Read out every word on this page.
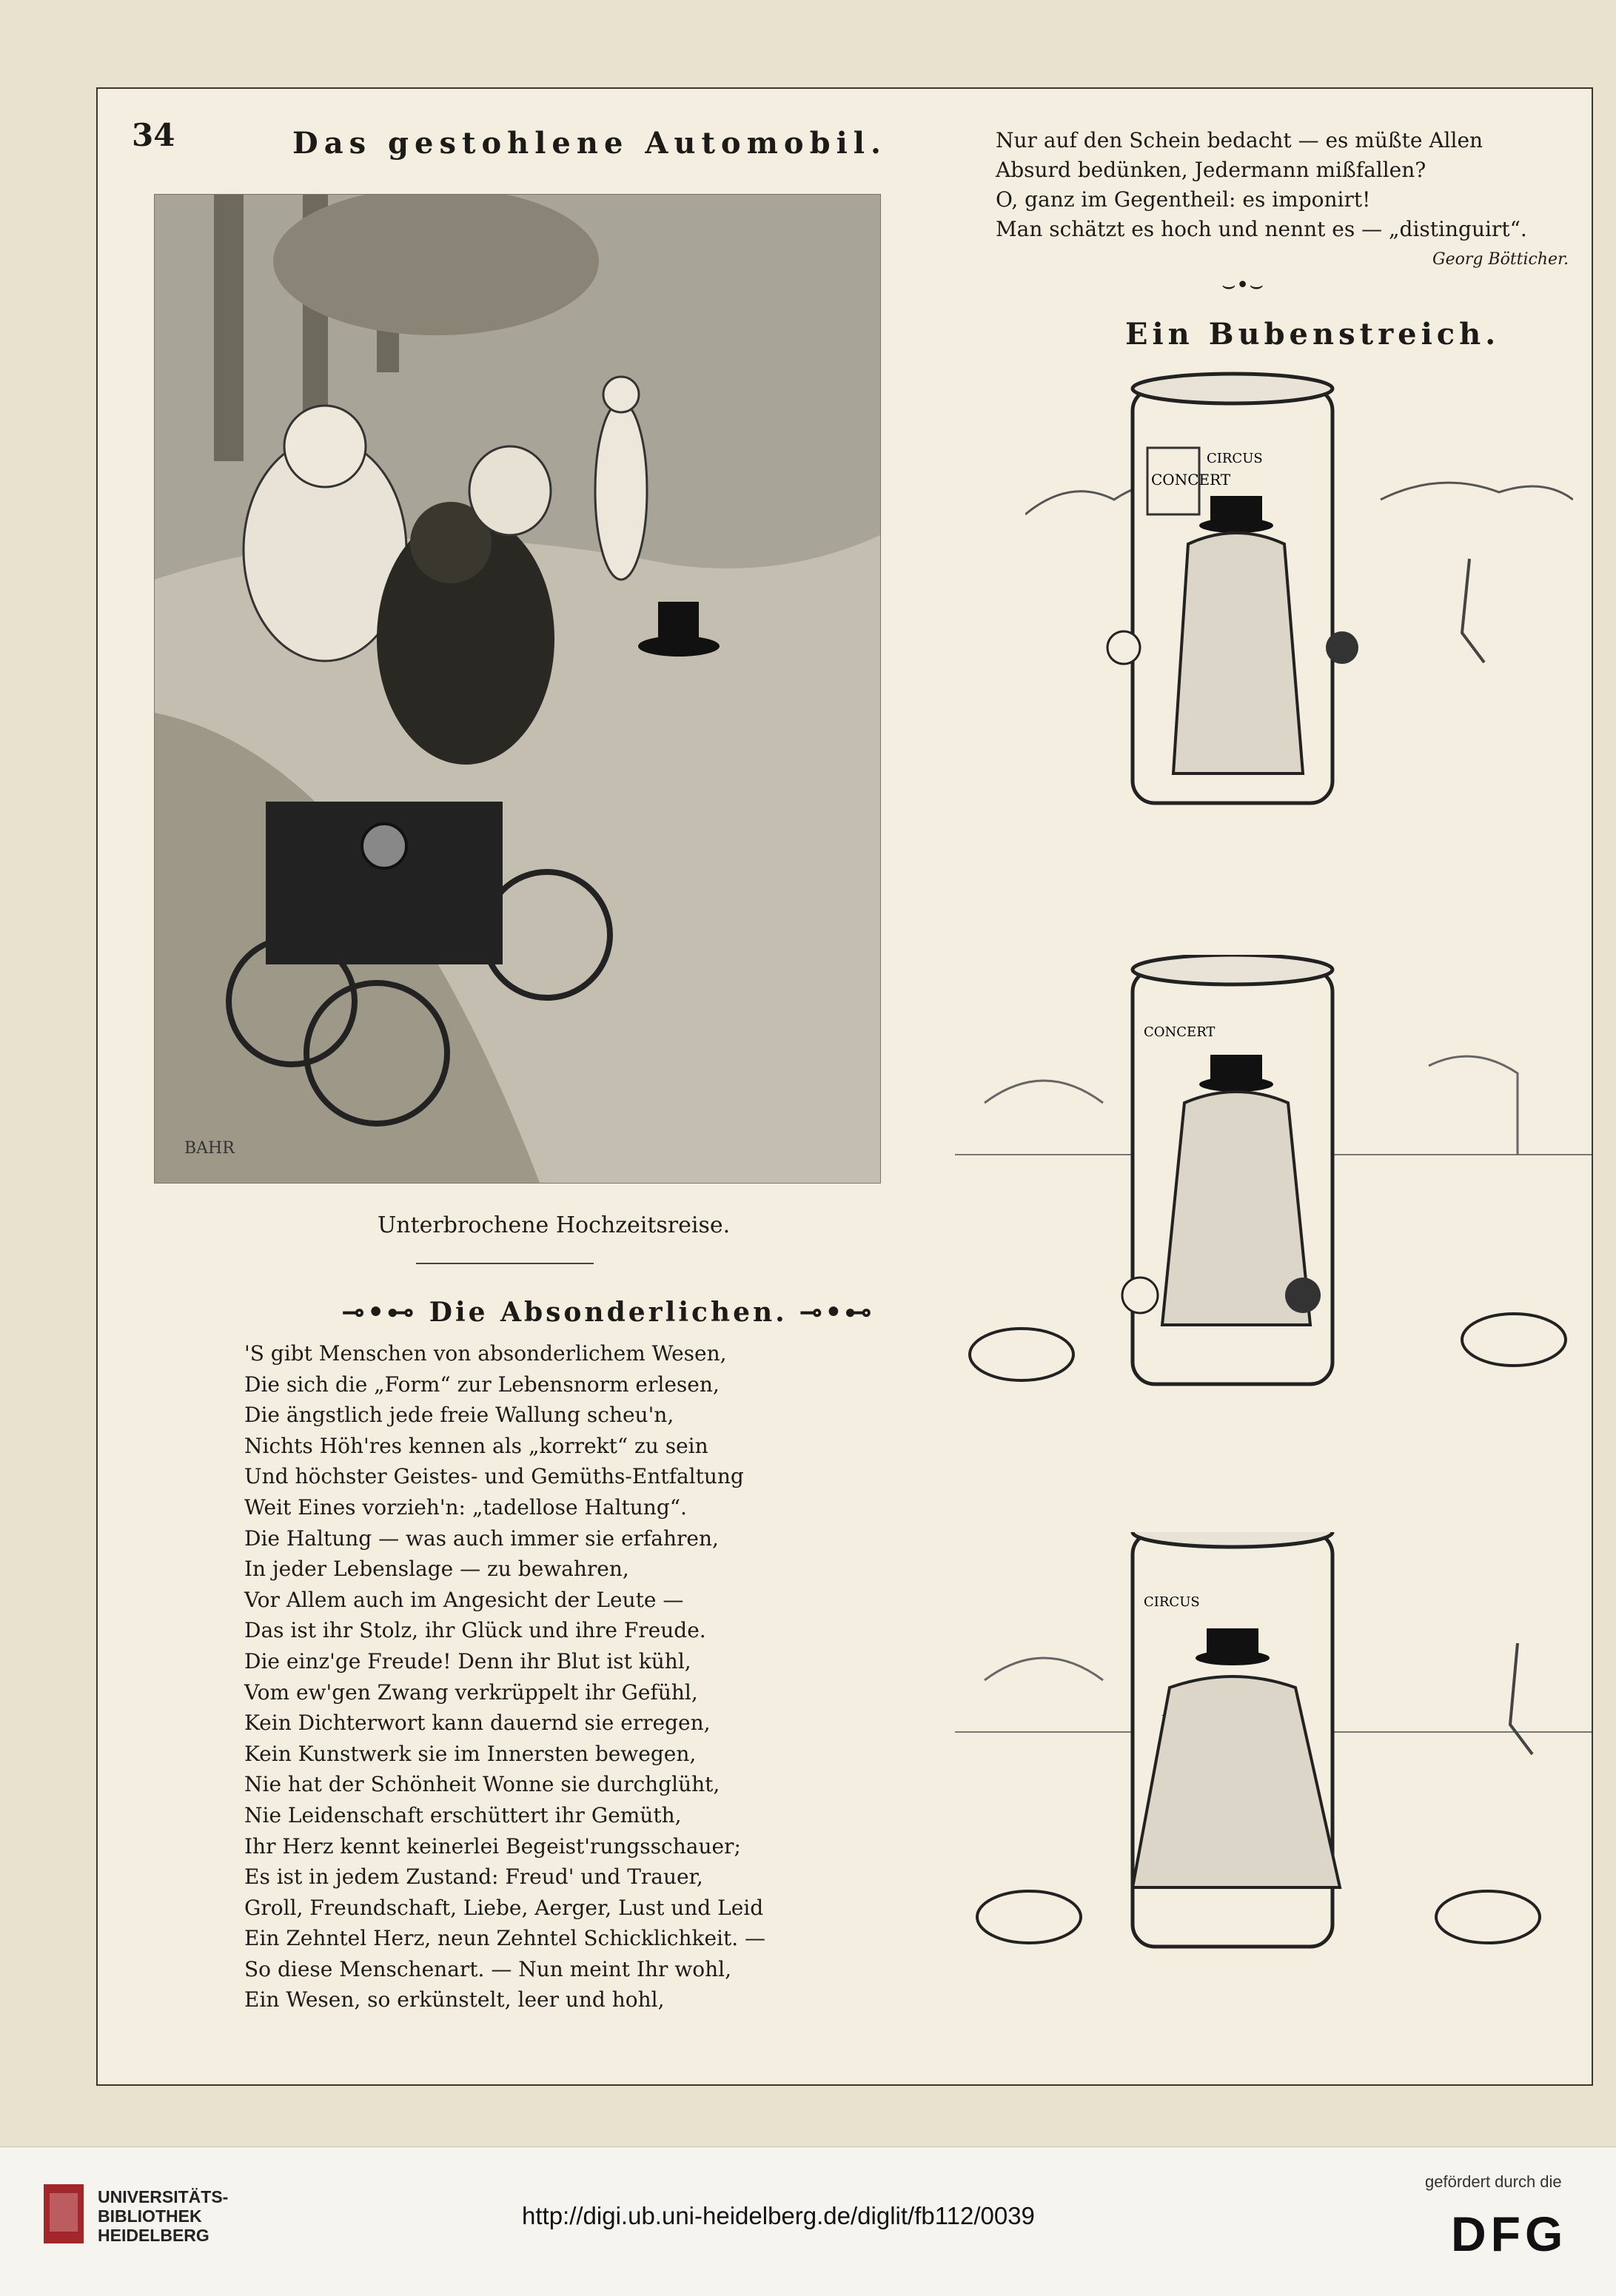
34	Das gestohlene Automobil.
BAHR
Unterbrochene Hochzeitsreise.
⊸•⊷ Die Absonderlichen. ⊸•⊷
'S gibt Menschen von absonderlichem Wesen,
Die sich die „Form“ zur Lebensnorm erlesen,
Die ängstlich jede freie Wallung scheu'n,
Nichts Höh'res kennen als „korrekt“ zu sein
Und höchster Geistes- und Gemüths-Entfaltung
Weit Eines vorzieh'n: „tadellose Haltung“.
Die Haltung — was auch immer sie erfahren,
In jeder Lebenslage — zu bewahren,
Vor Allem auch im Angesicht der Leute —
Das ist ihr Stolz, ihr Glück und ihre Freude.
Die einz'ge Freude! Denn ihr Blut ist kühl,
Vom ew'gen Zwang verkrüppelt ihr Gefühl,
Kein Dichterwort kann dauernd sie erregen,
Kein Kunstwerk sie im Innersten bewegen,
Nie hat der Schönheit Wonne sie durchglüht,
Nie Leidenschaft erschüttert ihr Gemüth,
Ihr Herz kennt keinerlei Begeist'rungsschauer;
Es ist in jedem Zustand: Freud' und Trauer,
Groll, Freundschaft, Liebe, Aerger, Lust und Leid
Ein Zehntel Herz, neun Zehntel Schicklichkeit. —
So diese Menschenart. — Nun meint Ihr wohl,
Ein Wesen, so erkünstelt, leer und hohl,
Nur auf den Schein bedacht — es müßte Allen
Absurd bedünken, Jedermann mißfallen?
O, ganz im Gegentheil: es imponirt!
Man schätzt es hoch und nennt es — „distinguirt“.
Georg Bötticher.
⌣•⌣
Ein Bubenstreich.
CONCERT
CIRCUS
CONCERT
CIRCUS
UNIVERSITÄTS-
BIBLIOTHEK
HEIDELBERG
http://digi.ub.uni-heidelberg.de/diglit/fb112/0039
gefördert durch die
DFG
